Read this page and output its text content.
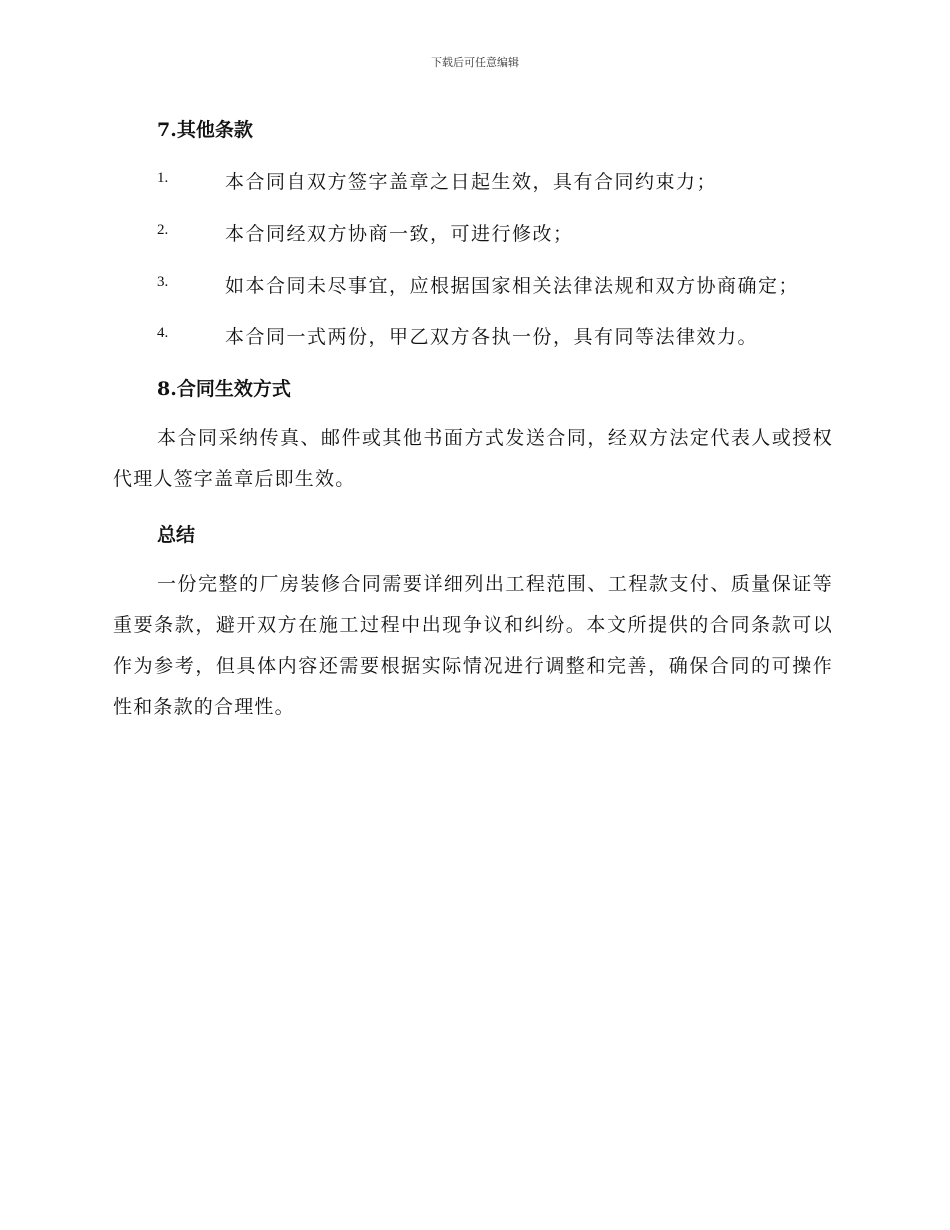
下载后可任意编辑
7.其他条款
1.	本合同自双方签字盖章之日起生效，具有合同约束力；
2.	本合同经双方协商一致，可进行修改；
3.	如本合同未尽事宜，应根据国家相关法律法规和双方协商确定；
4.	本合同一式两份，甲乙双方各执一份，具有同等法律效力。
8.合同生效方式
本合同采纳传真、邮件或其他书面方式发送合同，经双方法定代表人或授权代理人签字盖章后即生效。
总结
一份完整的厂房装修合同需要详细列出工程范围、工程款支付、质量保证等重要条款，避开双方在施工过程中出现争议和纠纷。本文所提供的合同条款可以作为参考，但具体内容还需要根据实际情况进行调整和完善，确保合同的可操作性和条款的合理性。
